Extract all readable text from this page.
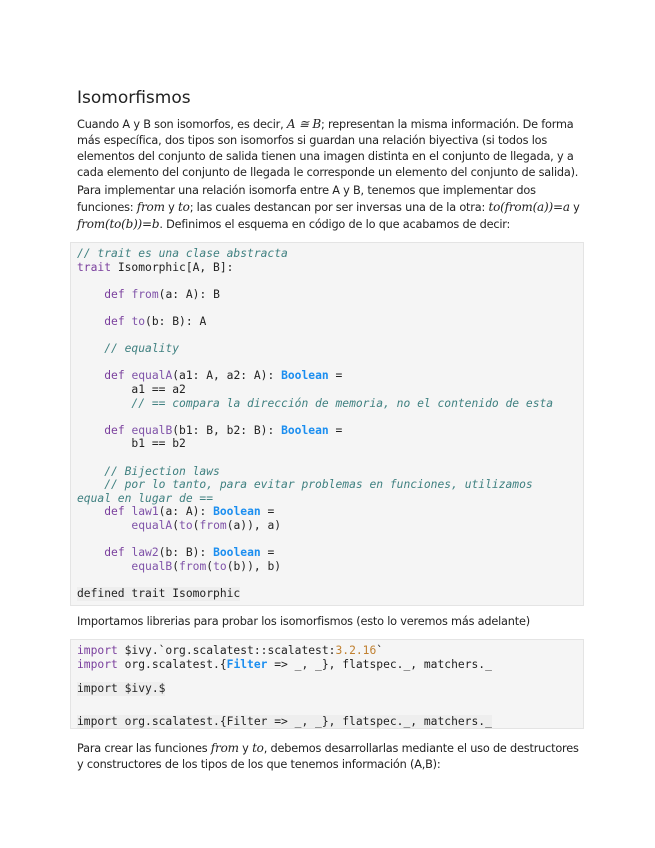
Isomorfismos

Cuando A y B son isomorfos, es decir, A ≅ B; representan la misma información. De forma más específica, dos tipos son isomorfos si guardan una relación biyectiva (si todos los elementos del conjunto de salida tienen una imagen distinta en el conjunto de llegada, y a cada elemento del conjunto de llegada le corresponde un elemento del conjunto de salida).

Para implementar una relación isomorfa entre A y B, tenemos que implementar dos funciones: from y to; las cuales destancan por ser inversas una de la otra: to(from(a))=a y from(to(b))=b. Definimos el esquema en código de lo que acabamos de decir:

// trait es una clase abstracta
trait Isomorphic[A, B]:
def from(a: A): B
def to(b: B): A
// equality
def equalA(a1: A, a2: A): Boolean =
a1 == a2
// == compara la dirección de memoria, no el contenido de esta
def equalB(b1: B, b2: B): Boolean =
b1 == b2
// Bijection laws
// por lo tanto, para evitar problemas en funciones, utilizamos
equal en lugar de ==
def law1(a: A): Boolean =
equalA(to(from(a)), a)
def law2(b: B): Boolean =
equalB(from(to(b)), b)
defined trait Isomorphic

Importamos librerias para probar los isomorfismos (esto lo veremos más adelante)

import $ivy.`org.scalatest::scalatest:3.2.16`
import org.scalatest.{Filter => _, _}, flatspec._, matchers._
import $ivy.$
import org.scalatest.{Filter => _, _}, flatspec._, matchers._

Para crear las funciones from y to, debemos desarrollarlas mediante el uso de destructores y constructores de los tipos de los que tenemos información (A,B):
